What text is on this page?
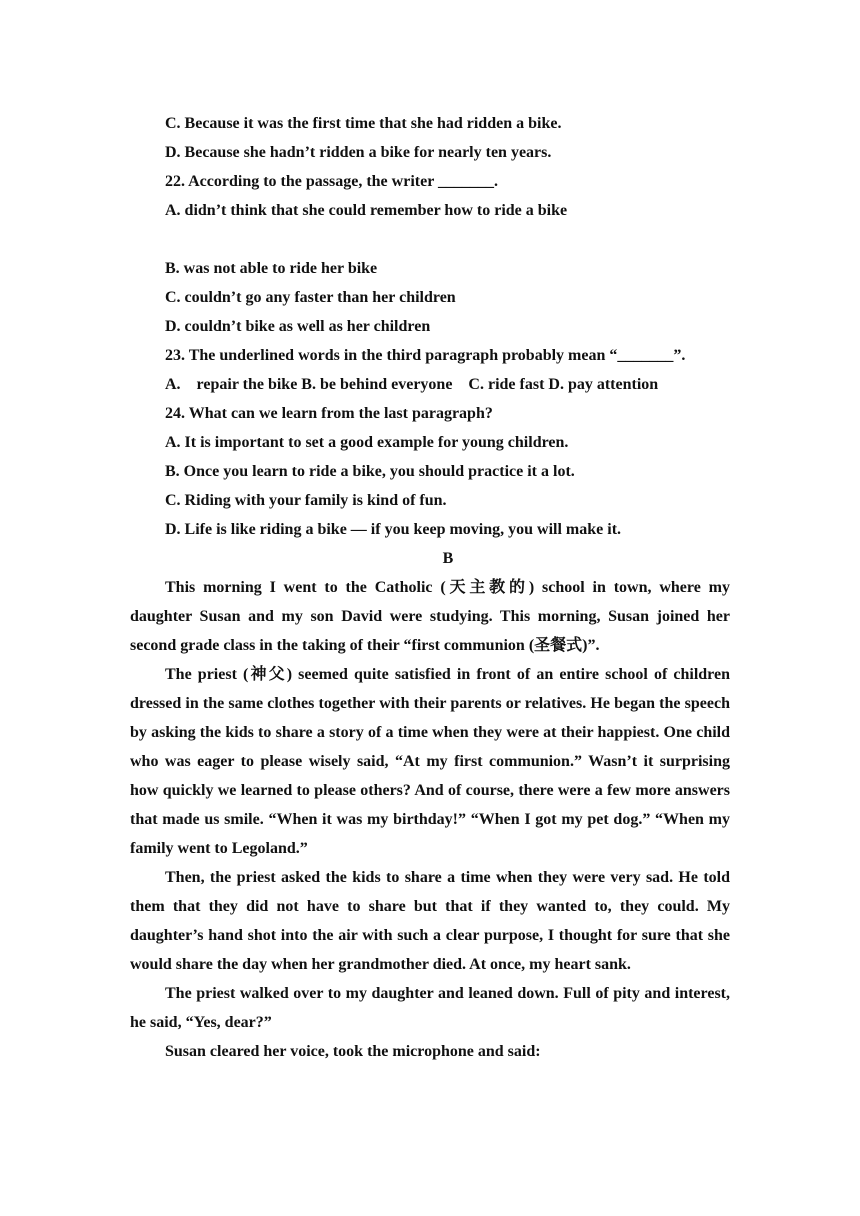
C. Because it was the first time that she had ridden a bike.
D. Because she hadn’t ridden a bike for nearly ten years.
22. According to the passage, the writer _______.
A. didn’t think that she could remember how to ride a bike
B. was not able to ride her bike
C. couldn’t go any faster than her children
D. couldn’t bike as well as her children
23. The underlined words in the third paragraph probably mean “_______”.
A.    repair the bike B. be behind everyone    C. ride fast D. pay attention
24. What can we learn from the last paragraph?
A. It is important to set a good example for young children.
B. Once you learn to ride a bike, you should practice it a lot.
C. Riding with your family is kind of fun.
D. Life is like riding a bike — if you keep moving, you will make it.
B
This morning I went to the Catholic (天主教的) school in town, where my daughter Susan and my son David were studying. This morning, Susan joined her second grade class in the taking of their “first communion (圣餐式)”.
The priest (神父) seemed quite satisfied in front of an entire school of children dressed in the same clothes together with their parents or relatives. He began the speech by asking the kids to share a story of a time when they were at their happiest. One child who was eager to please wisely said, “At my first communion.” Wasn’t it surprising how quickly we learned to please others? And of course, there were a few more answers that made us smile. “When it was my birthday!” “When I got my pet dog.” “When my family went to Legoland.”
Then, the priest asked the kids to share a time when they were very sad. He told them that they did not have to share but that if they wanted to, they could. My daughter’s hand shot into the air with such a clear purpose, I thought for sure that she would share the day when her grandmother died. At once, my heart sank.
The priest walked over to my daughter and leaned down. Full of pity and interest, he said, “Yes, dear?”
Susan cleared her voice, took the microphone and said:
